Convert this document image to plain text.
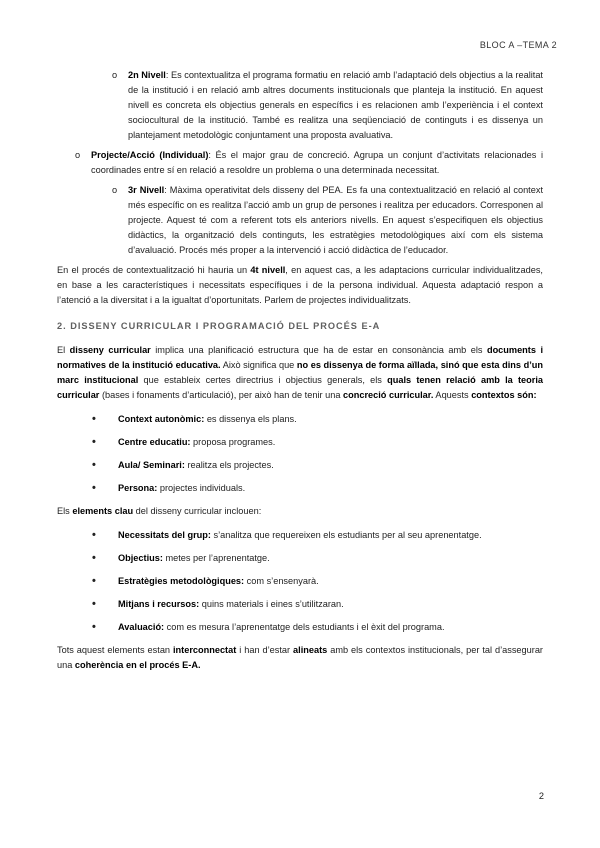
BLOC A –TEMA 2
o 2n Nivell: Es contextualitza el programa formatiu en relació amb l’adaptació dels objectius a la realitat de la institució i en relació amb altres documents institucionals que planteja la institució. En aquest nivell es concreta els objectius generals en específics i es relacionen amb l’experiència i el context sociocultural de la institució. També es realitza una seqüenciació de continguts i es dissenya un plantejament metodològic conjuntament una proposta avaluativa.
o Projecte/Acció (Individual): És el major grau de concreció. Agrupa un conjunt d’activitats relacionades i coordinades entre sí en relació a resoldre un problema o una determinada necessitat.
o 3r Nivell: Màxima operativitat dels disseny del PEA. Es fa una contextualització en relació al context més específic on es realitza l’acció amb un grup de persones i realitza per educadors. Corresponen al projecte. Aquest té com a referent tots els anteriors nivells. En aquest s’especifiquen els objectius didàctics, la organització dels continguts, les estratègies metodològiques així com els sistema d’avaluació. Procés més proper a la intervenció i acció didàctica de l’educador.

En el procés de contextualització hi hauria un 4t nivell, en aquest cas, a les adaptacions curricular individualitzades, en base a les característiques i necessitats específiques i de la persona individual. Aquesta adaptació respon a l’atenció a la diversitat i a la igualtat d’oportunitats. Parlem de projectes individualitzats.

2. DISSENY CURRICULAR I PROGRAMACIÓ DEL PROCÉS E-A

El disseny curricular implica una planificació estructura que ha de estar en consonància amb els documents i normatives de la institució educativa. Això significa que no es dissenya de forma aïllada, sinó que esta dins d’un marc institucional que estableix certes directrius i objectius generals, els quals tenen relació amb la teoria curricular (bases i fonaments d’articulació), per això han de tenir una concreció curricular. Aquests contextos són:

• Context autonòmic: es dissenya els plans.
• Centre educatiu: proposa programes.
• Aula/ Seminari: realitza els projectes.
• Persona: projectes individuals.

Els elements clau del disseny curricular inclouen:

• Necessitats del grup: s’analitza que requereixen els estudiants per al seu aprenentatge.
• Objectius: metes per l’aprenentatge.
• Estratègies metodològiques: com s’ensenyarà.
• Mitjans i recursos: quins materials i eines s’utilitzaran.
• Avaluació: com es mesura l’aprenentatge dels estudiants i el èxit del programa.

Tots aquest elements estan interconnectat i han d’estar alineats amb els contextos institucionals, per tal d’assegurar una coherència en el procés E-A.

2
